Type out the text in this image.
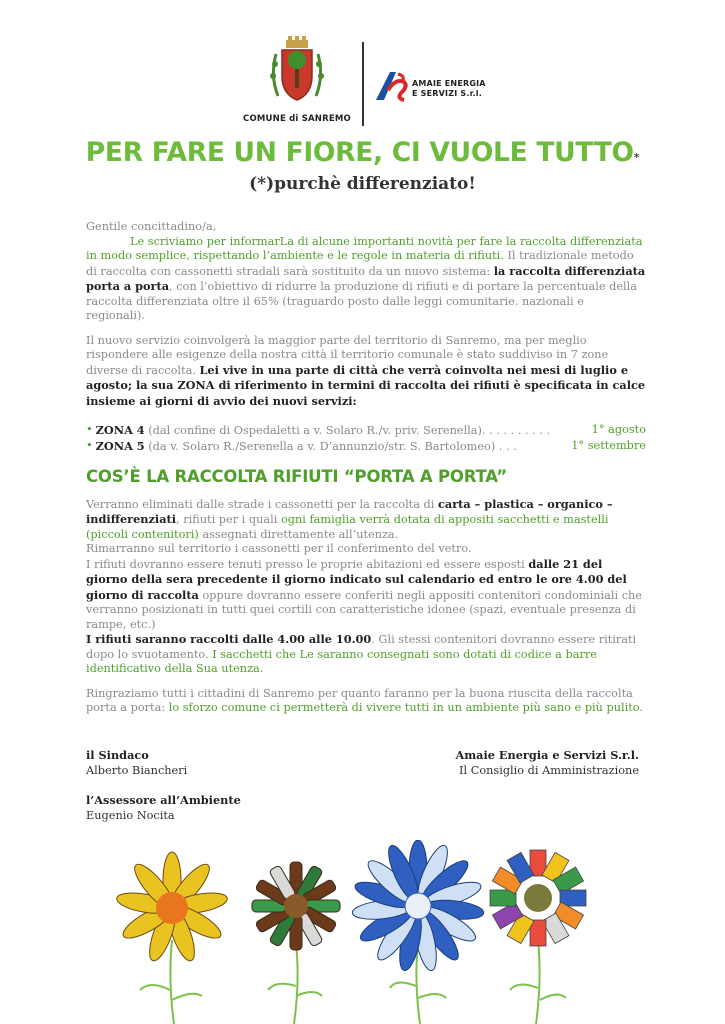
COMUNE di SANREMO
AMAIE ENERGIA
E SERVIZI S.r.l.
PER FARE UN FIORE, CI VUOLE TUTTO*
(*)purchè differenziato!

Gentile concittadino/a,

Le scriviamo per informarLa di alcune importanti novità per fare la raccolta differenziata in modo semplice, rispettando l’ambiente e le regole in materia di rifiuti. Il tradizionale metodo di raccolta con cassonetti stradali sarà sostituito da un nuovo sistema: la raccolta differenziata porta a porta, con l’obiettivo di ridurre la produzione di rifiuti e di portare la percentuale della raccolta differenziata oltre il 65% (traguardo posto dalle leggi comunitarie. nazionali e regionali).

Il nuovo servizio coinvolgerà la maggior parte del territorio di Sanremo, ma per meglio rispondere alle esigenze della nostra città il territorio comunale è stato suddiviso in 7 zone diverse di raccolta. Lei vive in una parte di città che verrà coinvolta nei mesi di luglio e agosto; la sua ZONA di riferimento in termini di raccolta dei rifiuti è specificata in calce insieme ai giorni di avvio dei nuovi servizi:

• ZONA 4 (dal confine di Ospedaletti a v. Solaro R./v. priv. Serenella). . . . . . . . . .	1° agosto
• ZONA 5 (da v. Solaro R./Serenella a v. D’annunzio/str. S. Bartolomeo) . . .	1° settembre
COS’È LA RACCOLTA RIFIUTI “PORTA A PORTA”

Verranno eliminati dalle strade i cassonetti per la raccolta di carta – plastica – organico – indifferenziati, rifiuti per i quali ogni famiglia verrà dotata di appositi sacchetti e mastelli (piccoli contenitori) assegnati direttamente all’utenza.

Rimarranno sul territorio i cassonetti per il conferimento del vetro.

I rifiuti dovranno essere tenuti presso le proprie abitazioni ed essere esposti dalle 21 del giorno della sera precedente il giorno indicato sul calendario ed entro le ore 4.00 del giorno di raccolta oppure dovranno essere conferiti negli appositi contenitori condominiali che verranno posizionati in tutti quei cortili con caratteristiche idonee (spazi, eventuale presenza di rampe, etc.)

I rifiuti saranno raccolti dalle 4.00 alle 10.00. Gli stessi contenitori dovranno essere ritirati dopo lo svuotamento. I sacchetti che Le saranno consegnati sono dotati di codice a barre identificativo della Sua utenza.

Ringraziamo tutti i cittadini di Sanremo per quanto faranno per la buona riuscita della raccolta porta a porta: lo sforzo comune ci permetterà di vivere tutti in un ambiente più sano e più pulito.

il Sindaco
Alberto Biancheri
Amaie Energia e Servizi S.r.l.
Il Consiglio di Amministrazione
l’Assessore all’Ambiente
Eugenio Nocita
